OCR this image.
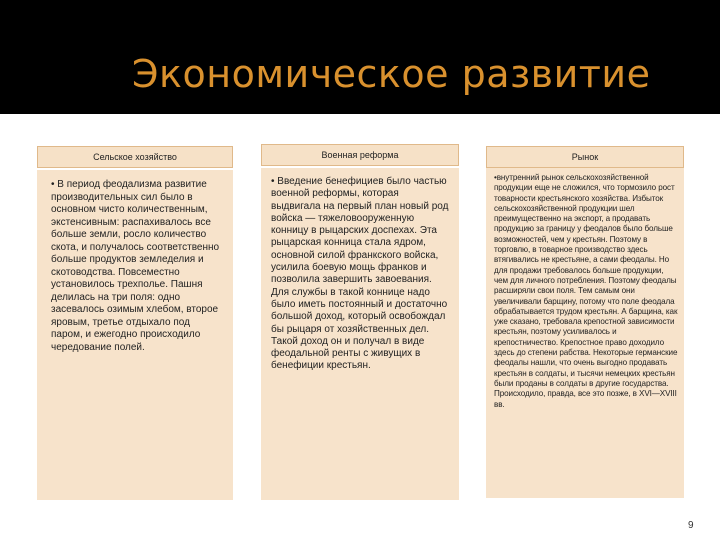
Экономическое развитие
Сельское хозяйство

• В период феодализма развитие производительных сил было в основном чисто количественным, экстенсивным: распахивалось все больше земли, росло количество скота, и получалось соответственно больше продуктов земледелия и скотоводства. Повсеместно установилось трехполье. Пашня делилась на три поля: одно засевалось озимым хлебом, второе яровым, третье отдыхало под паром, и ежегодно происходило чередование полей.

Военная реформа

• Введение бенефициев было частью военной реформы, которая выдвигала на первый план новый род войска — тяжеловооруженную конницу в рыцарских доспехах. Эта рыцарская конница стала ядром, основной силой франкского войска, усилила боевую мощь франков и позволила завершить завоевания. Для службы в такой коннице надо было иметь постоянный и достаточно большой доход, который освобождал бы рыцаря от хозяйственных дел. Такой доход он и получал в виде феодальной ренты с живущих в бенефиции крестьян.

Рынок

•внутренний рынок сельскохозяйственной продукции еще не сложился, что тормозило рост товарности крестьянского хозяйства. Избыток сельскохозяйственной продукции шел преимущественно на экспорт, а продавать продукцию за границу у феодалов было больше возможностей, чем у крестьян. Поэтому в торговлю, в товарное производство здесь втягивались не крестьяне, а сами феодалы. Но для продажи требовалось больше продукции, чем для личного потребления. Поэтому феодалы расширяли свои поля. Тем самым они увеличивали барщину, потому что поле феодала обрабатывается трудом крестьян. А барщина, как уже сказано, требовала крепостной зависимости крестьян, поэтому усиливалось и крепостничество. Крепостное право доходило здесь до степени рабства. Некоторые германские феодалы нашли, что очень выгодно продавать крестьян в солдаты, и тысячи немецких крестьян были проданы в солдаты в другие государства. Происходило, правда, все это позже, в XVI—XVIII вв.

9
